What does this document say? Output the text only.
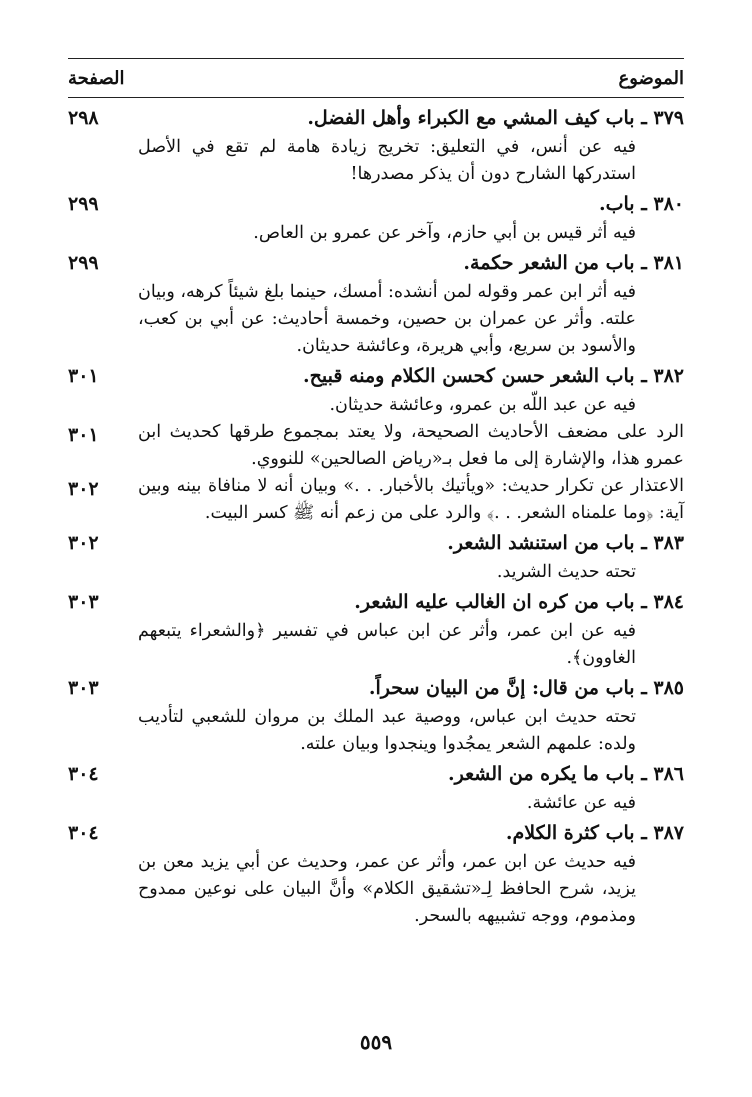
الصفحة	الموضوع
٣٧٩ ـ باب كيف المشي مع الكبراء وأهل الفضل.
فيه عن أنس، في التعليق: تخريج زيادة هامة لم تقع في الأصل استدركها الشارح دون أن يذكر مصدرها!
٢٩٨
٣٨٠ ـ باب.
فيه أثر قيس بن أبي حازم، وآخر عن عمرو بن العاص.
٢٩٩
٣٨١ ـ باب من الشعر حكمة.
فيه أثر ابن عمر وقوله لمن أنشده: أمسك، حينما بلغ شيئاً كرهه، وبيان علته. وأثر عن عمران بن حصين، وخمسة أحاديث: عن أبي بن كعب، والأسود بن سريع، وأبي هريرة، وعائشة حديثان.
٢٩٩
٣٨٢ ـ باب الشعر حسن كحسن الكلام ومنه قبيح.
فيه عن عبد اللّه بن عمرو، وعائشة حديثان.
٣٠١
الرد على مضعف الأحاديث الصحيحة، ولا يعتد بمجموع طرقها كحديث ابن عمرو هذا، والإشارة إلى ما فعل بـ«رياض الصالحين» للنووي.
٣٠١
الاعتذار عن تكرار حديث: «ويأتيك بالأخبار. . .» وبيان أنه لا منافاة بينه وبين آية: ﴿وما علمناه الشعر. . .﴾ والرد على من زعم أنه ﷺ كسر البيت.
٣٠٢
٣٨٣ ـ باب من استنشد الشعر.
تحته حديث الشريد.
٣٠٢
٣٨٤ ـ باب من كره ان الغالب عليه الشعر.
فيه عن ابن عمر، وأثر عن ابن عباس في تفسير ﴿والشعراء يتبعهم الغاوون﴾.
٣٠٣
٣٨٥ ـ باب من قال: إنَّ من البيان سحراً.
تحته حديث ابن عباس، ووصية عبد الملك بن مروان للشعبي لتأديب ولده: علمهم الشعر يمجُدوا وينجدوا وبيان علته.
٣٠٣
٣٨٦ ـ باب ما يكره من الشعر.
فيه عن عائشة.
٣٠٤
٣٨٧ ـ باب كثرة الكلام.
فيه حديث عن ابن عمر، وأثر عن عمر، وحديث عن أبي يزيد معن بن يزيد، شرح الحافظ لِـ«تشقيق الكلام» وأنَّ البيان على نوعين ممدوح ومذموم، ووجه تشبيهه بالسحر.
٣٠٤
٥٥٩
